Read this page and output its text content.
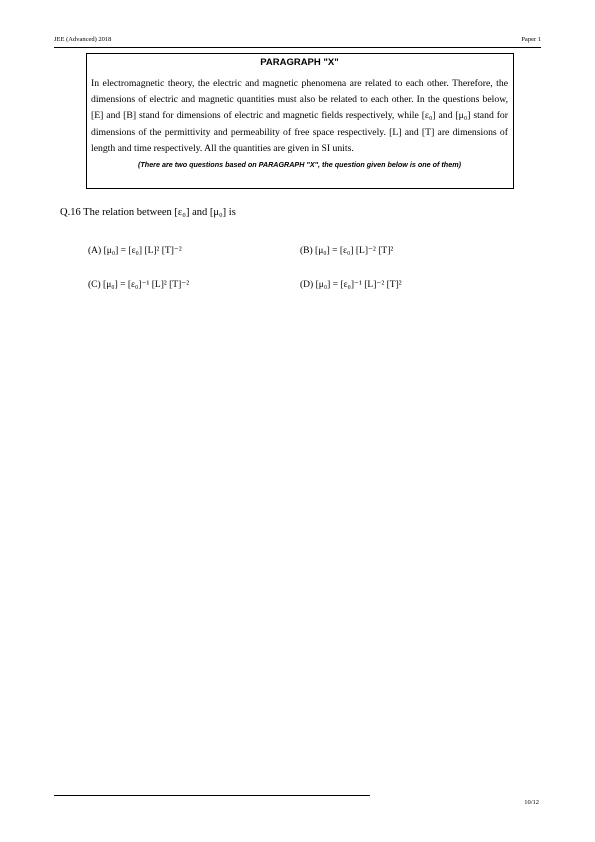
JEE (Advanced) 2018	Paper 1
PARAGRAPH "X"

In electromagnetic theory, the electric and magnetic phenomena are related to each other. Therefore, the dimensions of electric and magnetic quantities must also be related to each other. In the questions below, [E] and [B] stand for dimensions of electric and magnetic fields respectively, while [ε₀] and [μ₀] stand for dimensions of the permittivity and permeability of free space respectively. [L] and [T] are dimensions of length and time respectively. All the quantities are given in SI units.

(There are two questions based on PARAGRAPH "X", the question given below is one of them)
Q.16 The relation between [ε₀] and [μ₀] is
(A) [μ₀] = [ε₀] [L]² [T]⁻²	(B) [μ₀] = [ε₀] [L]⁻² [T]²
(C) [μ₀] = [ε₀]⁻¹ [L]² [T]⁻²	(D) [μ₀] = [ε₀]⁻¹ [L]⁻² [T]²
10/12
